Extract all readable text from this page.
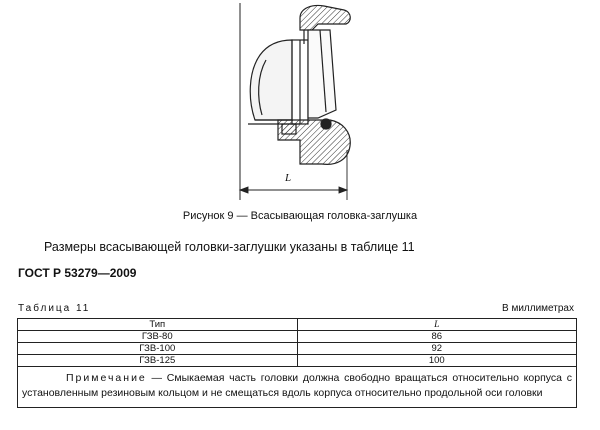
L
Рисунок 9 — Всасывающая головка-заглушка
Размеры всасывающей головки-заглушки указаны в таблице 11
ГОСТ Р 53279—2009
Таблица 11	В миллиметрах
Тип	L
ГЗВ-80	86
ГЗВ-100	92
ГЗВ-125	100

Примечание — Смыкаемая часть головки должна свободно вращаться относительно корпуса с
установленным резиновым кольцом и не смещаться вдоль корпуса относительно продольной оси головки	
